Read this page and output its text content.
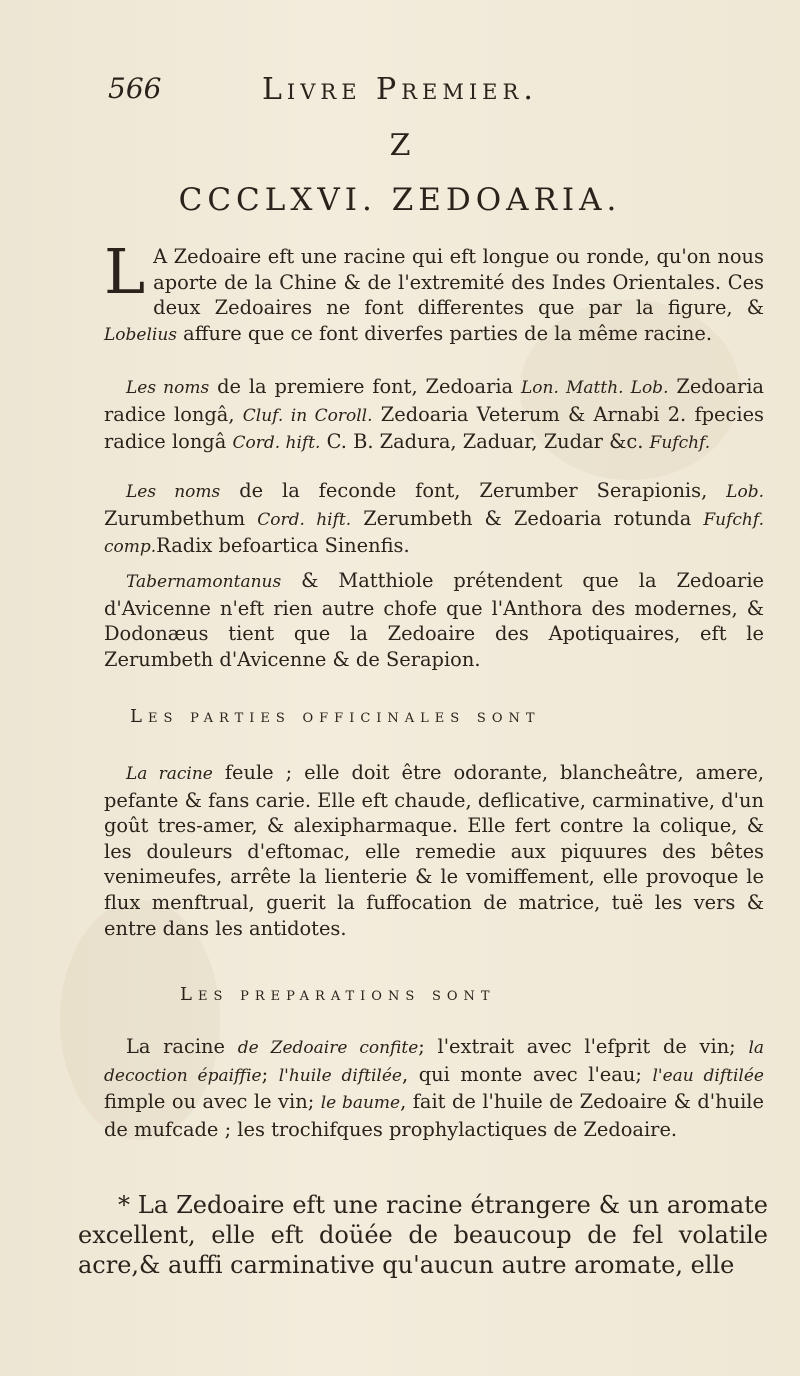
566	Livre Premier.

Z

CCCLXVI. ZEDOARIA.

L A Zedoaire eft une racine qui eft longue ou ronde, qu'on nous aporte de la Chine & de l'extremité des Indes Orientales. Ces deux Zedoaires ne font differentes que par la figure, & Lobelius affure que ce font diverfes parties de la même racine.
Les noms de la premiere font, Zedoaria Lon. Matth. Lob. Zedoaria radice longâ, Cluf. in Coroll. Zedoaria Veterum & Arnabi 2. fpecies radice longâ Cord. hift. C. B. Zadura, Zaduar, Zudar &c. Fufchf.
Les noms de la feconde font, Zerumber Serapionis, Lob. Zurumbethum Cord. hift. Zerumbeth & Zedoaria rotunda Fufchf. comp.Radix befoartica Sinenfis.
Tabernamontanus & Matthiole prétendent que la Zedoarie d'Avicenne n'eft rien autre chofe que l'Anthora des modernes, & Dodonæus tient que la Zedoaire des Apotiquaires, eft le Zerumbeth d'Avicenne & de Serapion.

Les parties officinales sont

La racine feule ; elle doit être odorante, blancheâtre, amere, pefante & fans carie. Elle eft chaude, deflicative, carminative, d'un goût tres-amer, & alexipharmaque. Elle fert contre la colique, & les douleurs d'eftomac, elle remedie aux piquures des bêtes venimeufes, arrête la lienterie & le vomiffement, elle provoque le flux menftrual, guerit la fuffocation de matrice, tuë les vers & entre dans les antidotes.

Les preparations sont

La racine de Zedoaire confite; l'extrait avec l'efprit de vin; la decoction épaiffie; l'huile diftilée, qui monte avec l'eau; l'eau diftilée fimple ou avec le vin; le baume, fait de l'huile de Zedoaire & d'huile de mufcade ; les trochifques prophylactiques de Zedoaire.
* La Zedoaire eft une racine étrangere & un aromate excellent, elle eft doüée de beaucoup de fel volatile acre,& auffi carminative qu'aucun autre aromate, elle
